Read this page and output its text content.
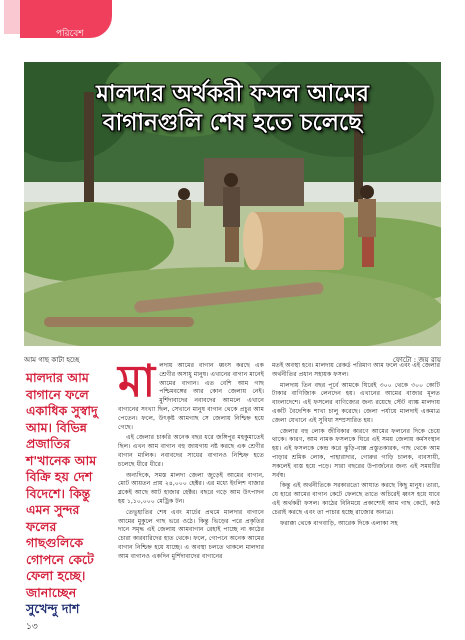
পরিবেশ
মালদার অর্থকরী ফসল আমের
বাগানগুলি শেষ হতে চলেছে
আম গাছ কাটা হচ্ছে	ফোটো : জয় রায়
মালদার আম বাগানে ফলে একাধিক সুস্বাদু আম। বিভিন্ন প্রজাতির শ'খানেক আম বিক্রি হয় দেশ বিদেশে। কিন্তু এমন সুন্দর ফলের গাছগুলিকে গোপনে কেটে ফেলা হচ্ছে। জানাচ্ছেন সুখেন্দু দাশ
মা লদায় আমের বাগান ধ্বংস করছে এক শ্রেণীর অসাধু মানুষ। এখানের বাগান মানেই আমের বাগান। এত বেশি আম গাছ পশ্চিমবঙ্গের আর কোন জেলায় নেই। মুর্শিদাবাদের নবাবদের আমলে এখানে বাগানের সংখ্যা ছিল, সেখানে মানুষ বাগান থেকে প্রচুর আম পেতেন। ফলে, উৎকৃষ্ট আমগাছ সে জেলায় নিশ্চিহ্ন হয়ে গেছে।

এই জেলার চাকরি অনেক বছর ধরে জঙ্গিপুর মহকুমাতেই ছিল। এখন আম বাগান বহু জায়গায় নষ্ট করছে এক শ্রেণীর বাগান মালিক। নবাবদের সাধের বাগানও নিশ্চিহ্ন হতে চলেছে ধীরে ধীরে।

অন্যদিকে, সমস্ত মালদা জেলা জুড়েই আমের বাগান, মোট আয়তন প্রায় ২৪,০০০ হেক্টর। এর মধ্যে ইংলিশ বাজার ব্লকেই আছে আট হাজার হেক্টর। বছরে গড়ে আম উৎপাদন হয় ১,১০,০০০ মেট্রিক টন।

তেভুহাতির শেষ এবং মার্চের প্রথমে মালদার বাগানে আমের মুকুলে গাছ ভরে ওঠে। কিন্তু ভিড়ের পরে প্রকৃতির দানে সমৃদ্ধ এই জেলায় আমবাগান রেহাই পাচ্ছে না কাঠের চোরা কারবারিদের হাত থেকে। ফলে, গোপনে অনেক আমের বাগান নিশ্চিহ্ন হয়ে যাচ্ছে। এ অবস্থা চলতে থাকলে মালদার আম বাগানও একদিন মুর্শিদাবাদের বাগানের

মতই অবস্থা হবে। মালদায় রেকর্ড পরিমাণ আম ফলে এবং এই জেলার অর্থনীতির প্রধান সহায়ক ফসল।

মালদায় তিন বছর পূর্বে আমকে ঘিরেই ৩০০ থেকে ৩০০ কোটি টাকার বাণিজ্যিক লেনদেন হয়। এখানের আমের বাজার মূলত বাংলাদেশে। এই ফসলের বাণিজ্যের জন্য রয়েছে স্টেট ব্যাঙ্ক মালদায় একটি বৈদেশিক শাখা চালু করেছে। জেলা পর্যায়ে মালদাই একমাত্র জেলা যেখানে এই সুবিধা সম্প্রসারিত হয়।

জেলার বহু লোক জীবিকার কারণে আমের ফলনের দিকে চেয়ে থাকে। কারণ, আম নামক ফসলকে ঘিরে এই সময় জেলায় কর্মসংস্থান হয়। এই ফসলকে কেন্দ্র করে ঝুড়ি-বাক্স প্রস্তুতকারক, গাছ থেকে আম পাড়ার শ্রমিক লোক, পাহারাদার, গোরুর গাড়ি চালক, ব্যবসায়ী, সকলেই ব্যস্ত হয়ে পড়ে। সারা বছরের উপার্জনের জন্য এই সময়টির সর্বস্ব।

কিন্তু এই অর্থনীতিকে সরকারতো আঘাত করছে কিছু মানুষ। তারা, যে হারে আমের বাগান কেটে ফেলছে তাতে অচিরেই ধ্বংস হয়ে যাবে এই অর্থকরী ফসল। কাঠের বিনিময়ে প্রকাশ্যেই আম গাছ কেটে, কাঠ চেরাই করছে এবং তা পাচার হচ্ছে রাজ্যের অন্যত্র।

ফরাক্কা থেকে বাগবাড়ি, আরেক দিকে এলাকা সহ

১৩
